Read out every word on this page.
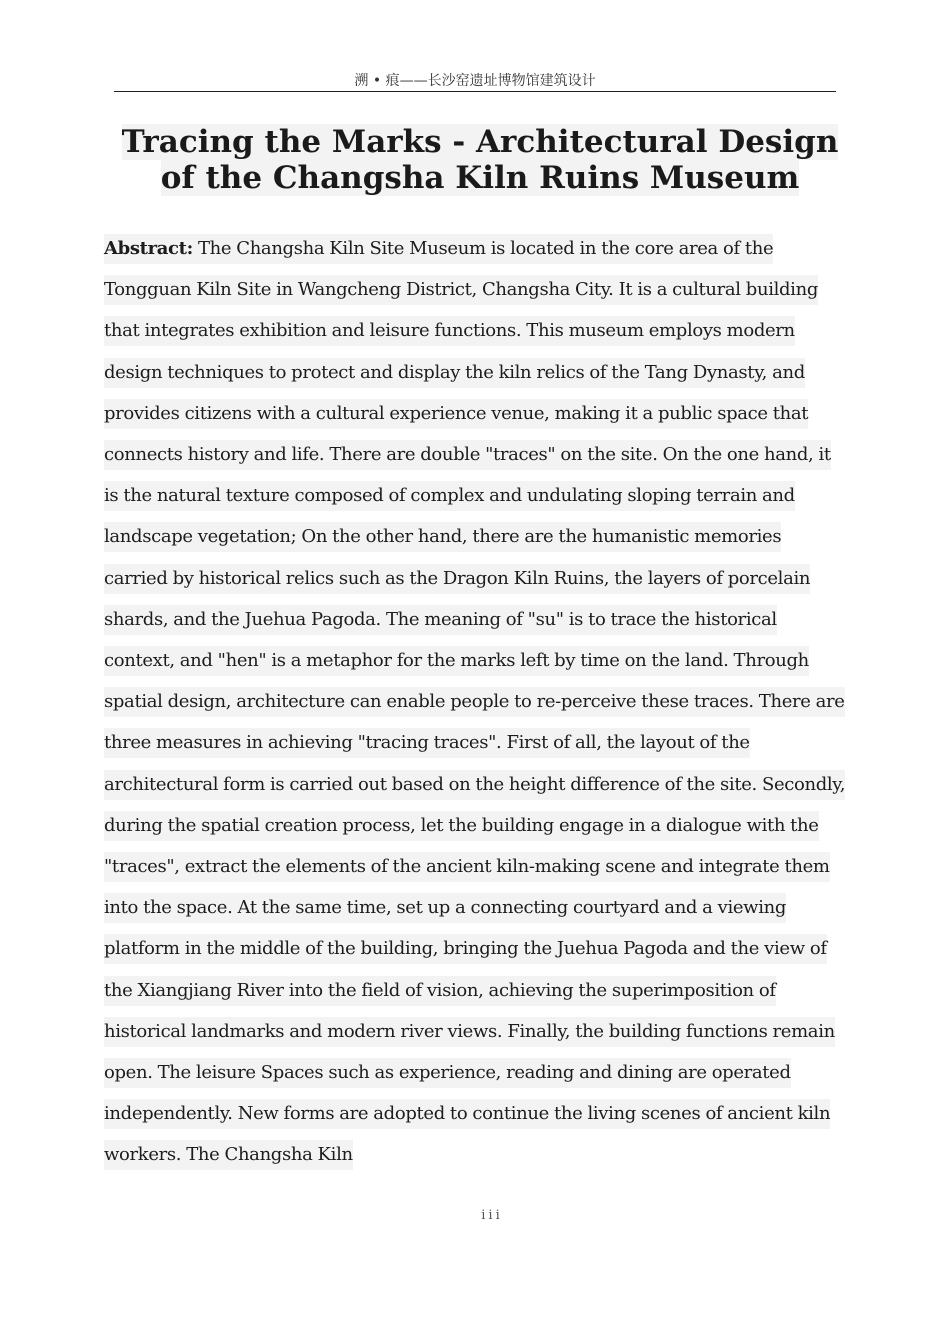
溯 • 痕——长沙窑遗址博物馆建筑设计
Tracing the Marks - Architectural Design of the Changsha Kiln Ruins Museum

Abstract: The Changsha Kiln Site Museum is located in the core area of the Tongguan Kiln Site in Wangcheng District, Changsha City. It is a cultural building that integrates exhibition and leisure functions. This museum employs modern design techniques to protect and display the kiln relics of the Tang Dynasty, and provides citizens with a cultural experience venue, making it a public space that connects history and life. There are double "traces" on the site. On the one hand, it is the natural texture composed of complex and undulating sloping terrain and landscape vegetation; On the other hand, there are the humanistic memories carried by historical relics such as the Dragon Kiln Ruins, the layers of porcelain shards, and the Juehua Pagoda. The meaning of "su" is to trace the historical context, and "hen" is a metaphor for the marks left by time on the land. Through spatial design, architecture can enable people to re-perceive these traces. There are three measures in achieving "tracing traces". First of all, the layout of the architectural form is carried out based on the height difference of the site. Secondly, during the spatial creation process, let the building engage in a dialogue with the "traces", extract the elements of the ancient kiln-making scene and integrate them into the space. At the same time, set up a connecting courtyard and a viewing platform in the middle of the building, bringing the Juehua Pagoda and the view of the Xiangjiang River into the field of vision, achieving the superimposition of historical landmarks and modern river views. Finally, the building functions remain open. The leisure Spaces such as experience, reading and dining are operated independently. New forms are adopted to continue the living scenes of ancient kiln workers. The Changsha Kiln

iii
